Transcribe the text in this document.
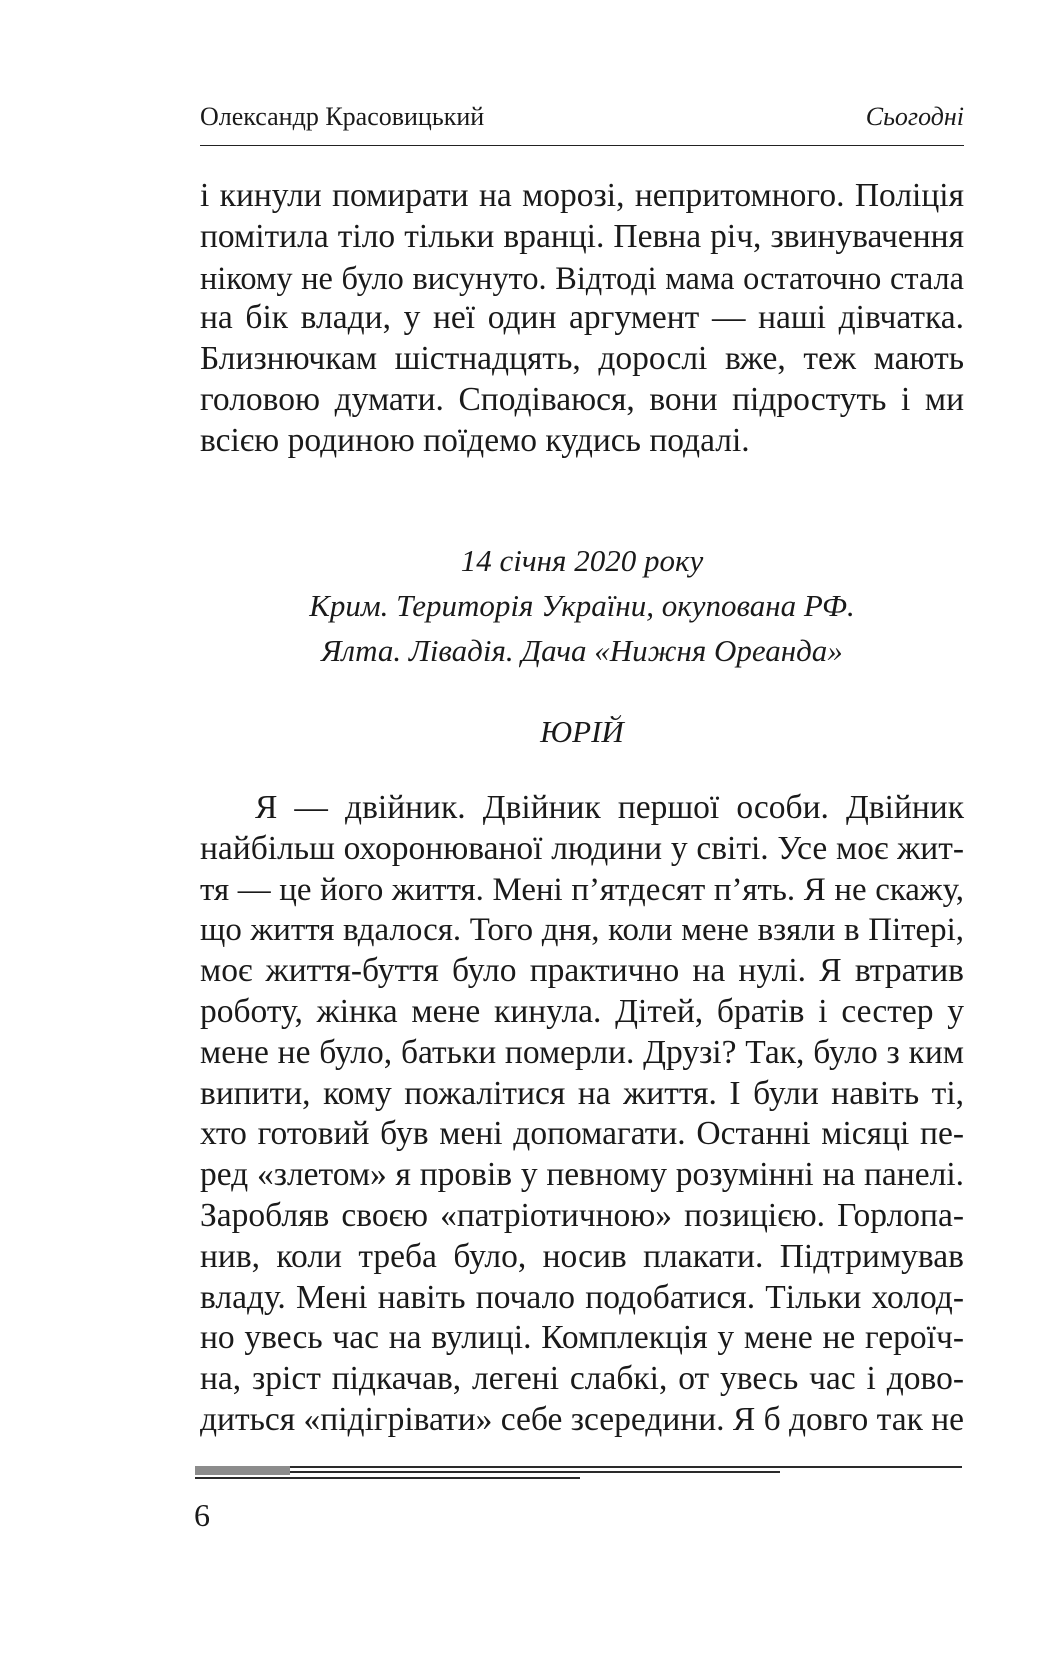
Олександр Красовицький	Сьогодні
і кинули помирати на морозі, непритомного. Поліція
помітила тіло тільки вранці. Певна річ, звинувачення
нікому не було висунуто. Відтоді мама остаточно стала
на бік влади, у неї один аргумент — наші дівчатка.
Близнючкам шістнадцять, дорослі вже, теж мають
головою думати. Сподіваюся, вони підростуть і ми
всією родиною поїдемо кудись подалі.
14 січня 2020 року
Крим. Територія України, окупована РФ.
Ялта. Лівадія. Дача «Нижня Ореанда»
ЮРІЙ
Я — двійник. Двійник першої особи. Двійник
найбільш охоронюваної людини у світі. Усе моє жит-
тя — це його життя. Мені п’ятдесят п’ять. Я не скажу,
що життя вдалося. Того дня, коли мене взяли в Пітері,
моє життя-буття було практично на нулі. Я втратив
роботу, жінка мене кинула. Дітей, братів і сестер у
мене не було, батьки померли. Друзі? Так, було з ким
випити, кому пожалітися на життя. І були навіть ті,
хто готовий був мені допомагати. Останні місяці пе-
ред «злетом» я провів у певному розумінні на панелі.
Заробляв своєю «патріотичною» позицією. Горлопа-
нив, коли треба було, носив плакати. Підтримував
владу. Мені навіть почало подобатися. Тільки холод-
но увесь час на вулиці. Комплекція у мене не героїч-
на, зріст підкачав, легені слабкі, от увесь час і дово-
диться «підігрівати» себе зсередини. Я б довго так не
6
